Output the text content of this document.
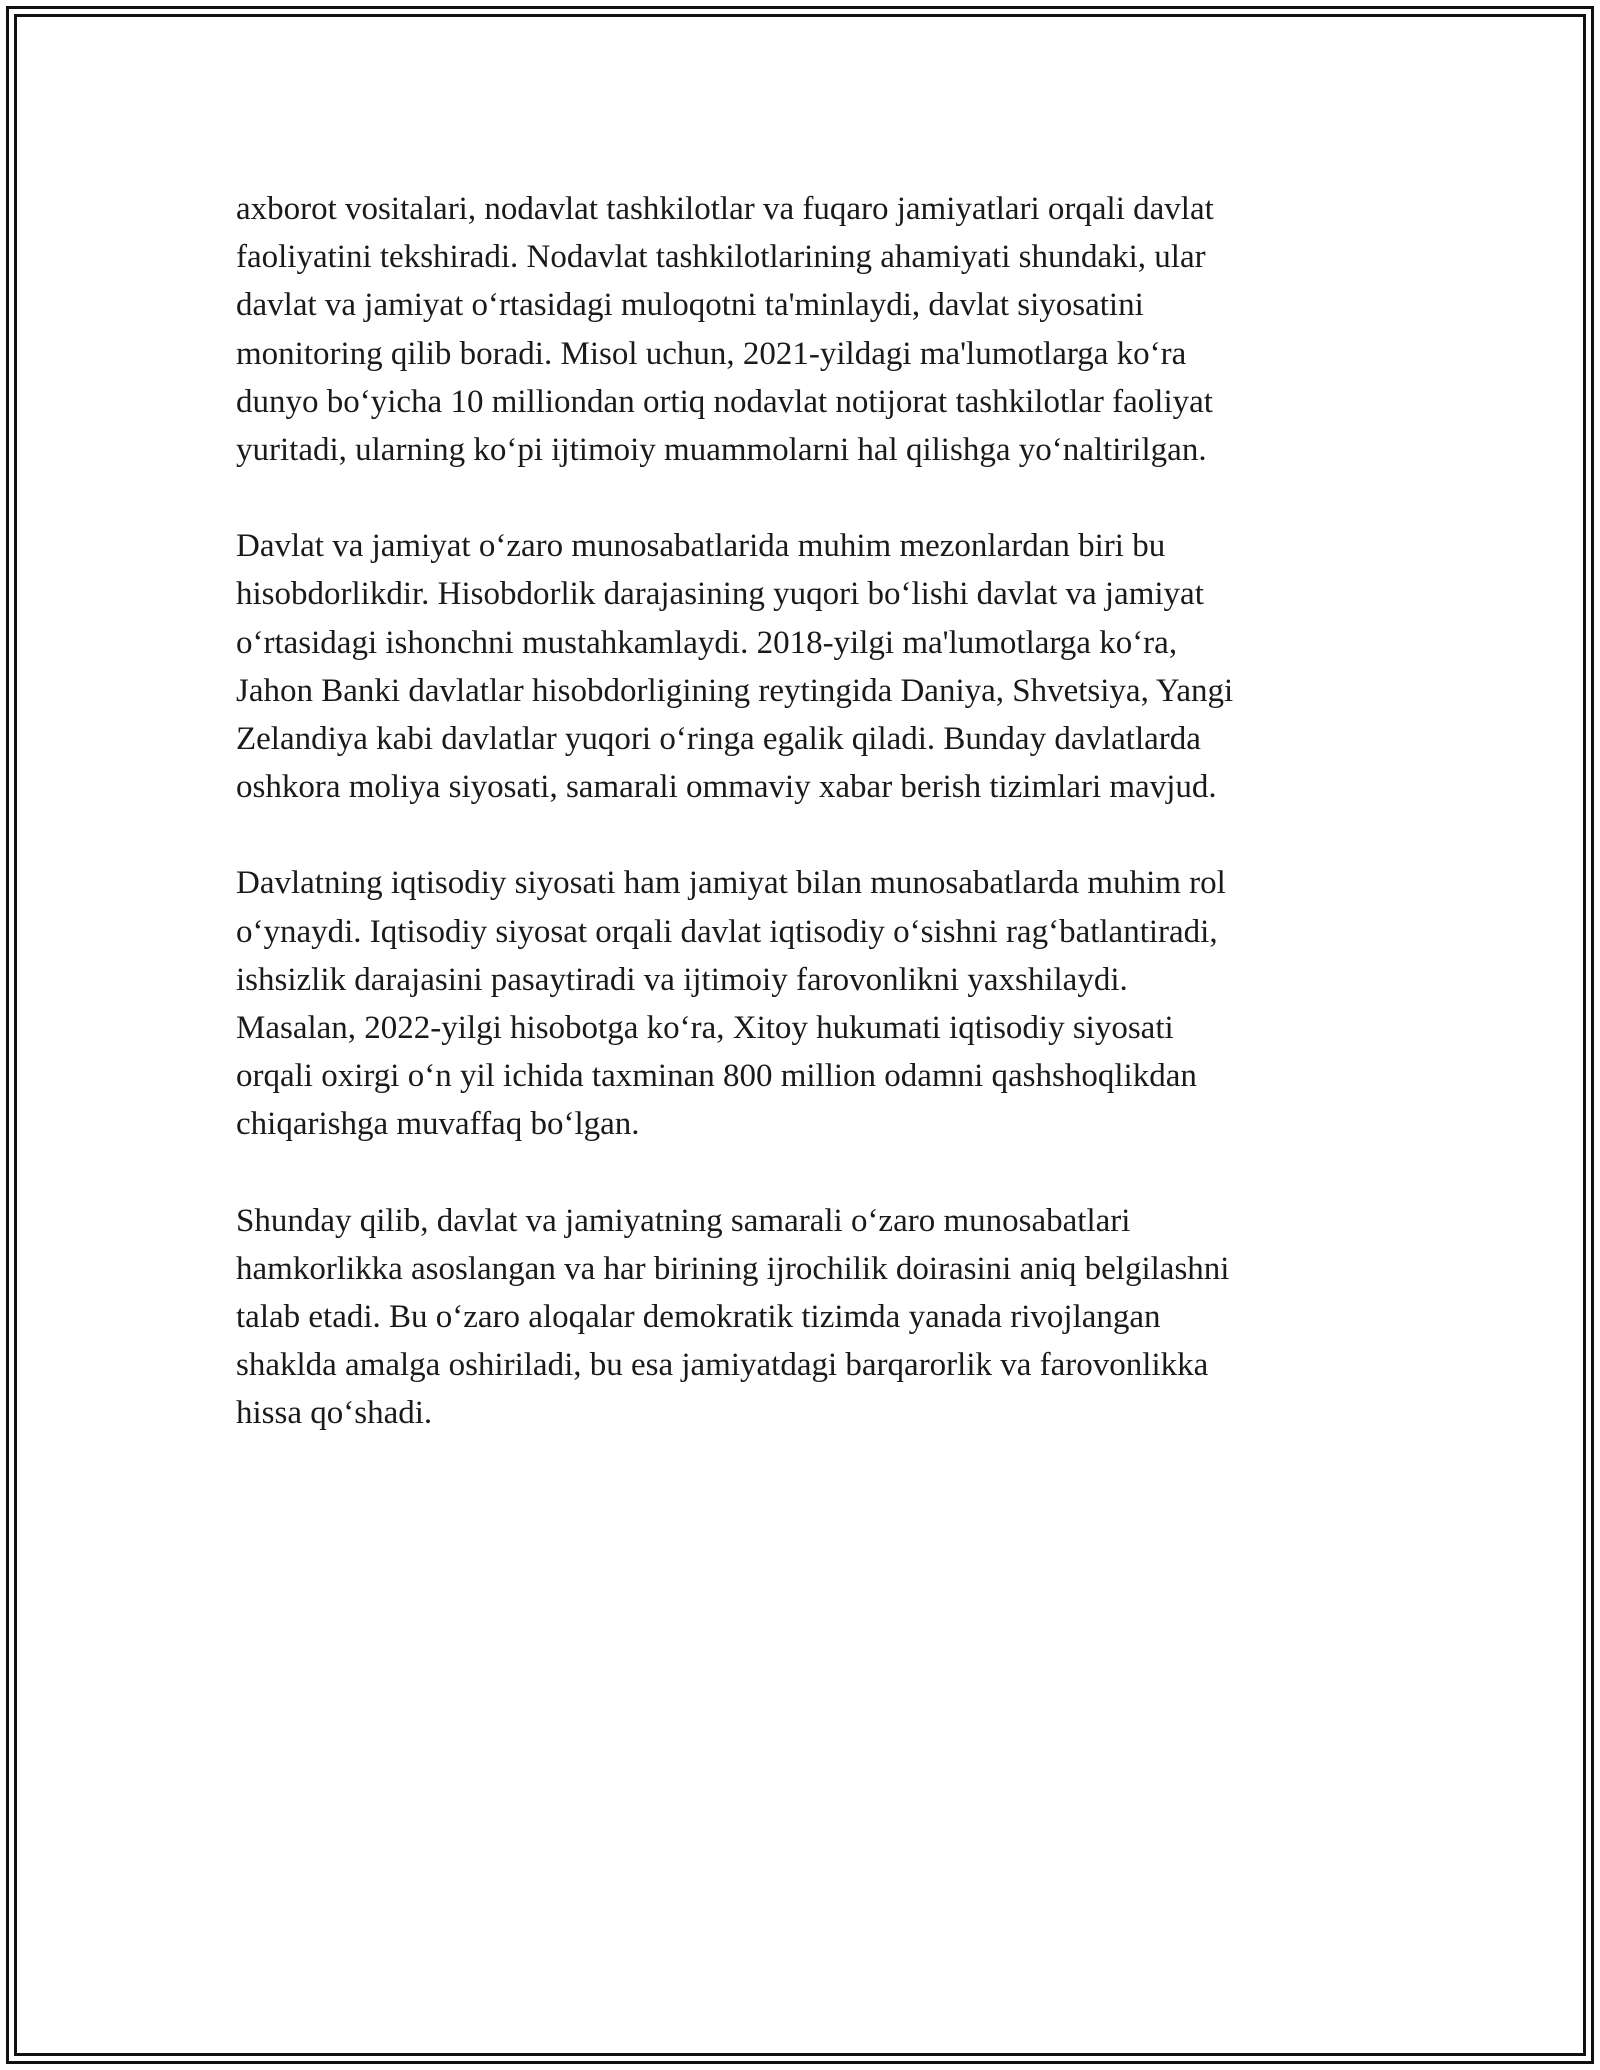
axborot vositalari, nodavlat tashkilotlar va fuqaro jamiyatlari orqali davlat
faoliyatini tekshiradi. Nodavlat tashkilotlarining ahamiyati shundaki, ular
davlat va jamiyat o‘rtasidagi muloqotni ta'minlaydi, davlat siyosatini
monitoring qilib boradi. Misol uchun, 2021-yildagi ma'lumotlarga ko‘ra
dunyo bo‘yicha 10 milliondan ortiq nodavlat notijorat tashkilotlar faoliyat
yuritadi, ularning ko‘pi ijtimoiy muammolarni hal qilishga yo‘naltirilgan.

Davlat va jamiyat o‘zaro munosabatlarida muhim mezonlardan biri bu
hisobdorlikdir. Hisobdorlik darajasining yuqori bo‘lishi davlat va jamiyat
o‘rtasidagi ishonchni mustahkamlaydi. 2018-yilgi ma'lumotlarga ko‘ra,
Jahon Banki davlatlar hisobdorligining reytingida Daniya, Shvetsiya, Yangi
Zelandiya kabi davlatlar yuqori o‘ringa egalik qiladi. Bunday davlatlarda
oshkora moliya siyosati, samarali ommaviy xabar berish tizimlari mavjud.

Davlatning iqtisodiy siyosati ham jamiyat bilan munosabatlarda muhim rol
o‘ynaydi. Iqtisodiy siyosat orqali davlat iqtisodiy o‘sishni rag‘batlantiradi,
ishsizlik darajasini pasaytiradi va ijtimoiy farovonlikni yaxshilaydi.
Masalan, 2022-yilgi hisobotga ko‘ra, Xitoy hukumati iqtisodiy siyosati
orqali oxirgi o‘n yil ichida taxminan 800 million odamni qashshoqlikdan
chiqarishga muvaffaq bo‘lgan.

Shunday qilib, davlat va jamiyatning samarali o‘zaro munosabatlari
hamkorlikka asoslangan va har birining ijrochilik doirasini aniq belgilashni
talab etadi. Bu o‘zaro aloqalar demokratik tizimda yanada rivojlangan
shaklda amalga oshiriladi, bu esa jamiyatdagi barqarorlik va farovonlikka
hissa qo‘shadi.
